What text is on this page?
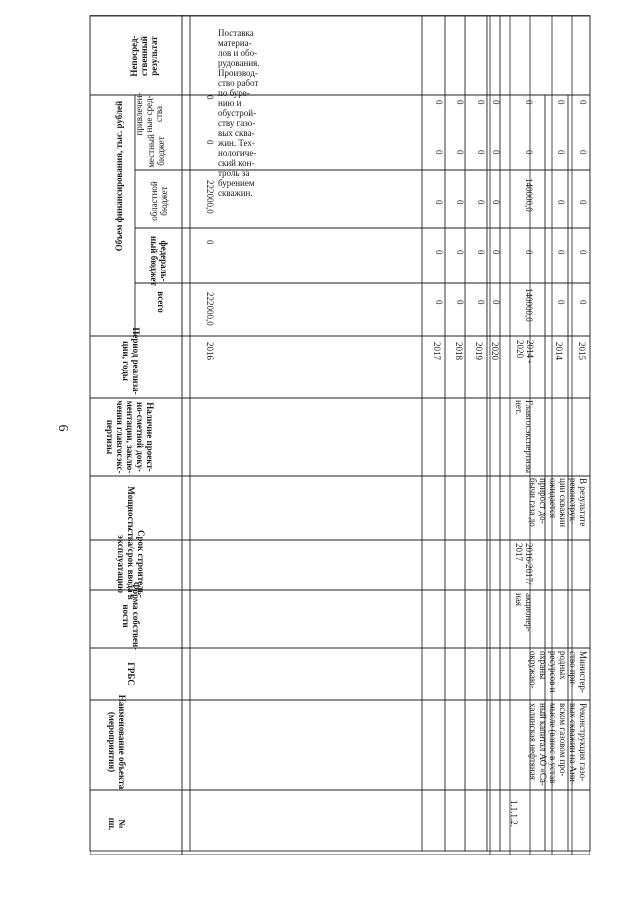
6
№
пп.
Наименование объекта
(мероприятия)
ГРБС
Форма собствен-
ности
Срок строитель-
ства/срок ввода в
эксплуатацию
Мощность
Наличие проект-
но-сметной доку-
ментации, заклю-
чения главгосэкс-
пертизы
Период реализа-
ции, годы
Объем финансирования, тыс. рублей
всего
федераль-
ный бюджет
областной
бюджет
местный
бюджет
привлечен-
ные сред-
ства
Непосред-
ственный
результат
Поставка
материа-
лов и обо-
рудования.
Производ-
ство работ
по буре-
нию и
обустрой-
ству газо-
вых сква-
жин. Тех-
нологиче-
ский кон-
троль за
бурением
скважин.
2016
222000,0
0
222000,0
0
0
2017
0
0
0
0
0
2018
0
0
0
0
0
2019
0
0
0
0
0
2020
0
0
0
0
0
1.1.1.2.
Реконструкция газо-
вых скважин на Ани-
вском газовом про-
мысле (взнос в устав-
ный капитал АО «Са-
халинская нефтяная
Министер-
ство при-
родных
ресурсов и
охраны
окружаю-
акционер-
ная
2016-2017/
2017
В результате
реконструк-
ции скважин
ожидается
прирост до-
бычи газа до
Главгосэкспертизы
нет.
2014 -
2020
140000,0
0
140000,0
0
0
2014
0
0
0
0
0
2015
0
0
0
0
0
